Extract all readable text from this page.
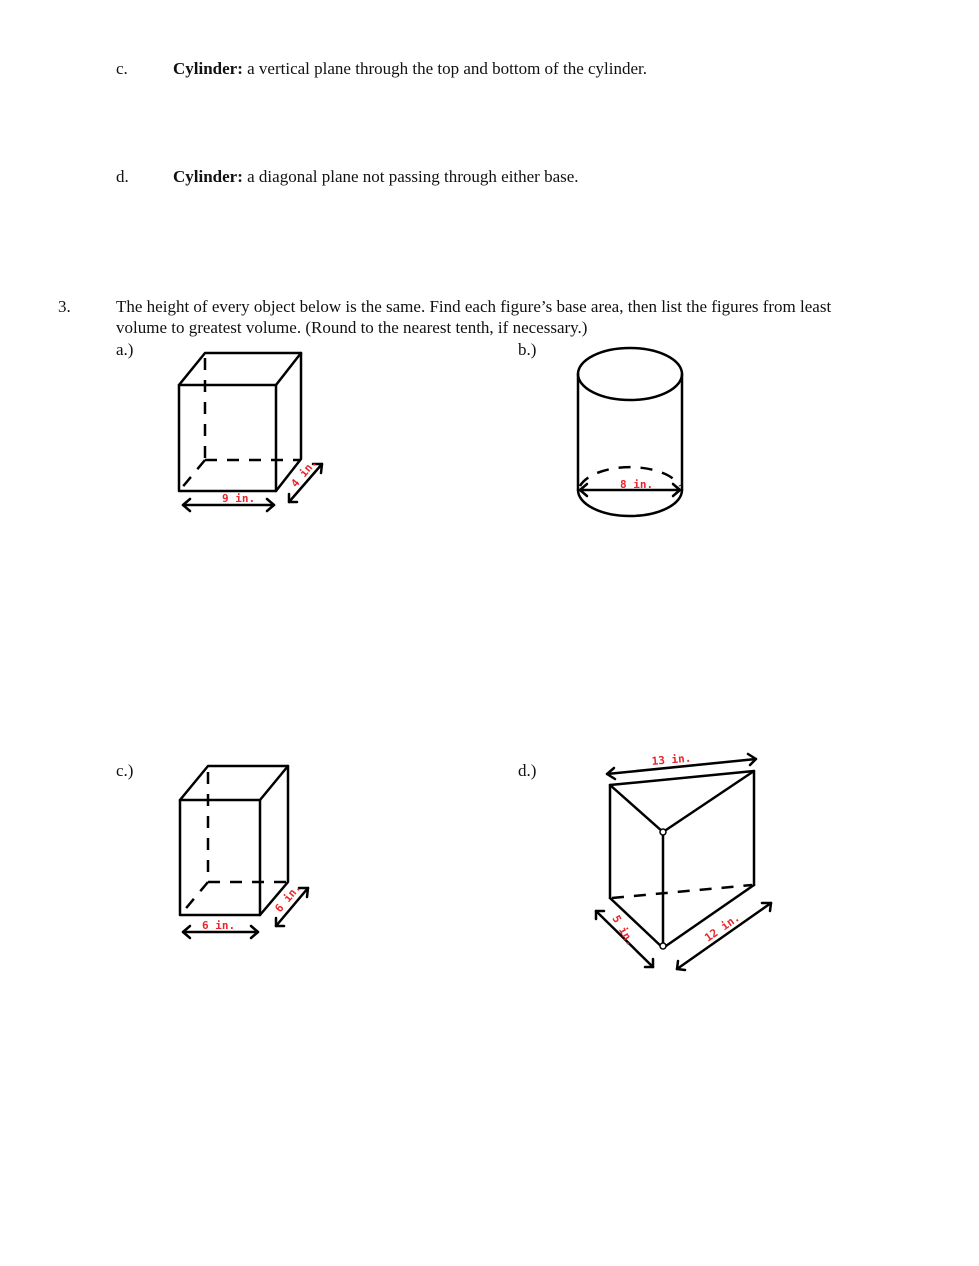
c.	Cylinder: a vertical plane through the top and bottom of the cylinder.
d.	Cylinder: a diagonal plane not passing through either base.
3.	The height of every object below is the same. Find each figure’s base area, then list the figures from least
volume to greatest volume. (Round to the nearest tenth, if necessary.)
a.)	b.)
c.)	d.)
9 in.
4 in.	8 in.
6 in.
6 in.
13 in.
5 in.	12 in.
